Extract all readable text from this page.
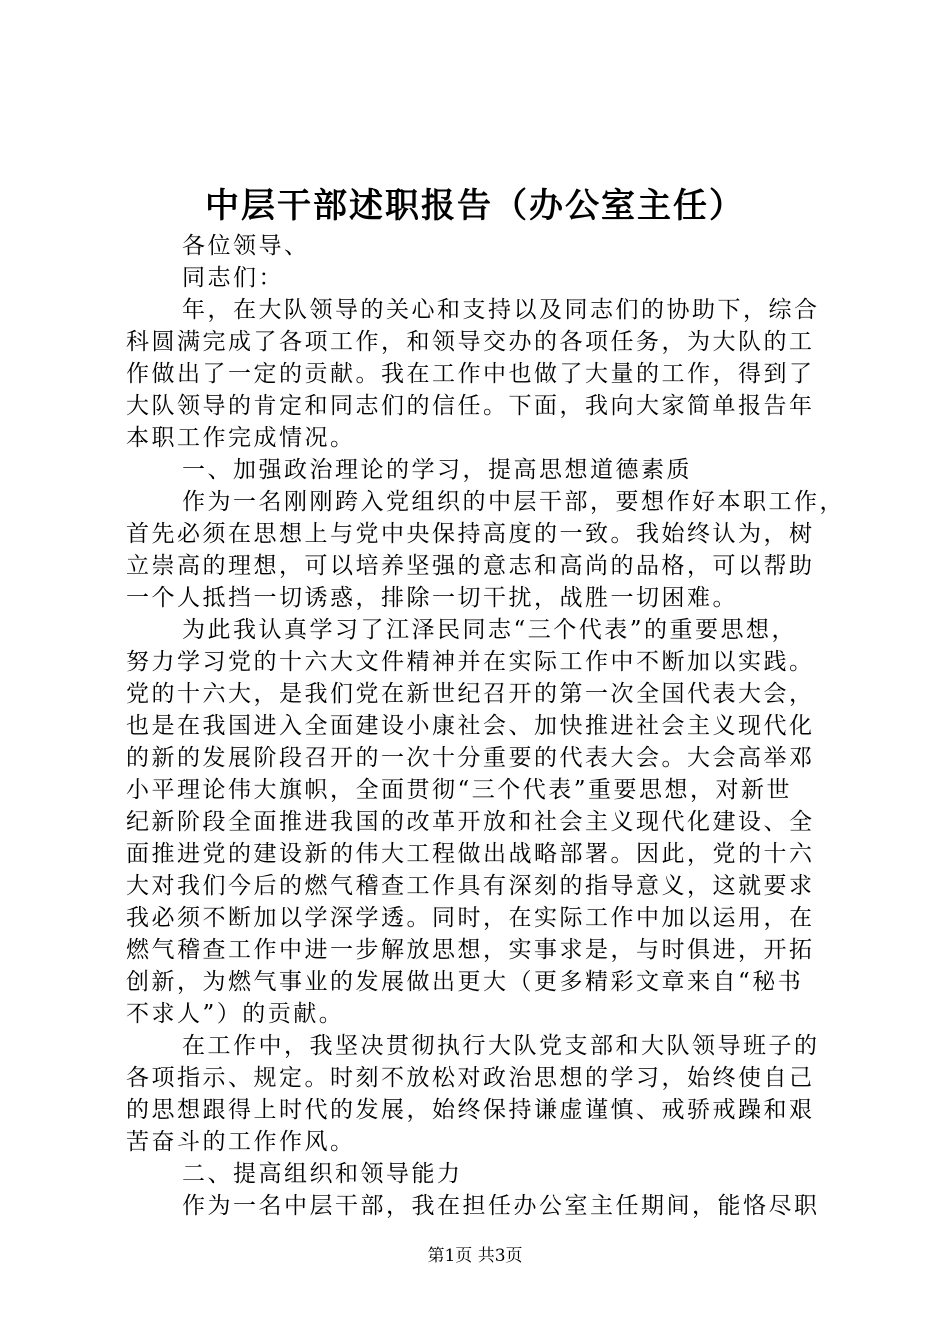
中层干部述职报告（办公室主任）
各位领导、
同志们：
年，在大队领导的关心和支持以及同志们的协助下，综合
科圆满完成了各项工作，和领导交办的各项任务，为大队的工
作做出了一定的贡献。我在工作中也做了大量的工作，得到了
大队领导的肯定和同志们的信任。下面，我向大家简单报告年
本职工作完成情况。
一、加强政治理论的学习，提高思想道德素质
作为一名刚刚跨入党组织的中层干部，要想作好本职工作，
首先必须在思想上与党中央保持高度的一致。我始终认为，树
立崇高的理想，可以培养坚强的意志和高尚的品格，可以帮助
一个人抵挡一切诱惑，排除一切干扰，战胜一切困难。
为此我认真学习了江泽民同志“三个代表”的重要思想，
努力学习党的十六大文件精神并在实际工作中不断加以实践。
党的十六大，是我们党在新世纪召开的第一次全国代表大会，
也是在我国进入全面建设小康社会、加快推进社会主义现代化
的新的发展阶段召开的一次十分重要的代表大会。大会高举邓
小平理论伟大旗帜，全面贯彻“三个代表”重要思想，对新世
纪新阶段全面推进我国的改革开放和社会主义现代化建设、全
面推进党的建设新的伟大工程做出战略部署。因此，党的十六
大对我们今后的燃气稽查工作具有深刻的指导意义，这就要求
我必须不断加以学深学透。同时，在实际工作中加以运用，在
燃气稽查工作中进一步解放思想，实事求是，与时俱进，开拓
创新，为燃气事业的发展做出更大（更多精彩文章来自“秘书
不求人”）的贡献。
在工作中，我坚决贯彻执行大队党支部和大队领导班子的
各项指示、规定。时刻不放松对政治思想的学习，始终使自己
的思想跟得上时代的发展，始终保持谦虚谨慎、戒骄戒躁和艰
苦奋斗的工作作风。
二、提高组织和领导能力
作为一名中层干部，我在担任办公室主任期间，能恪尽职
第1页 共3页
